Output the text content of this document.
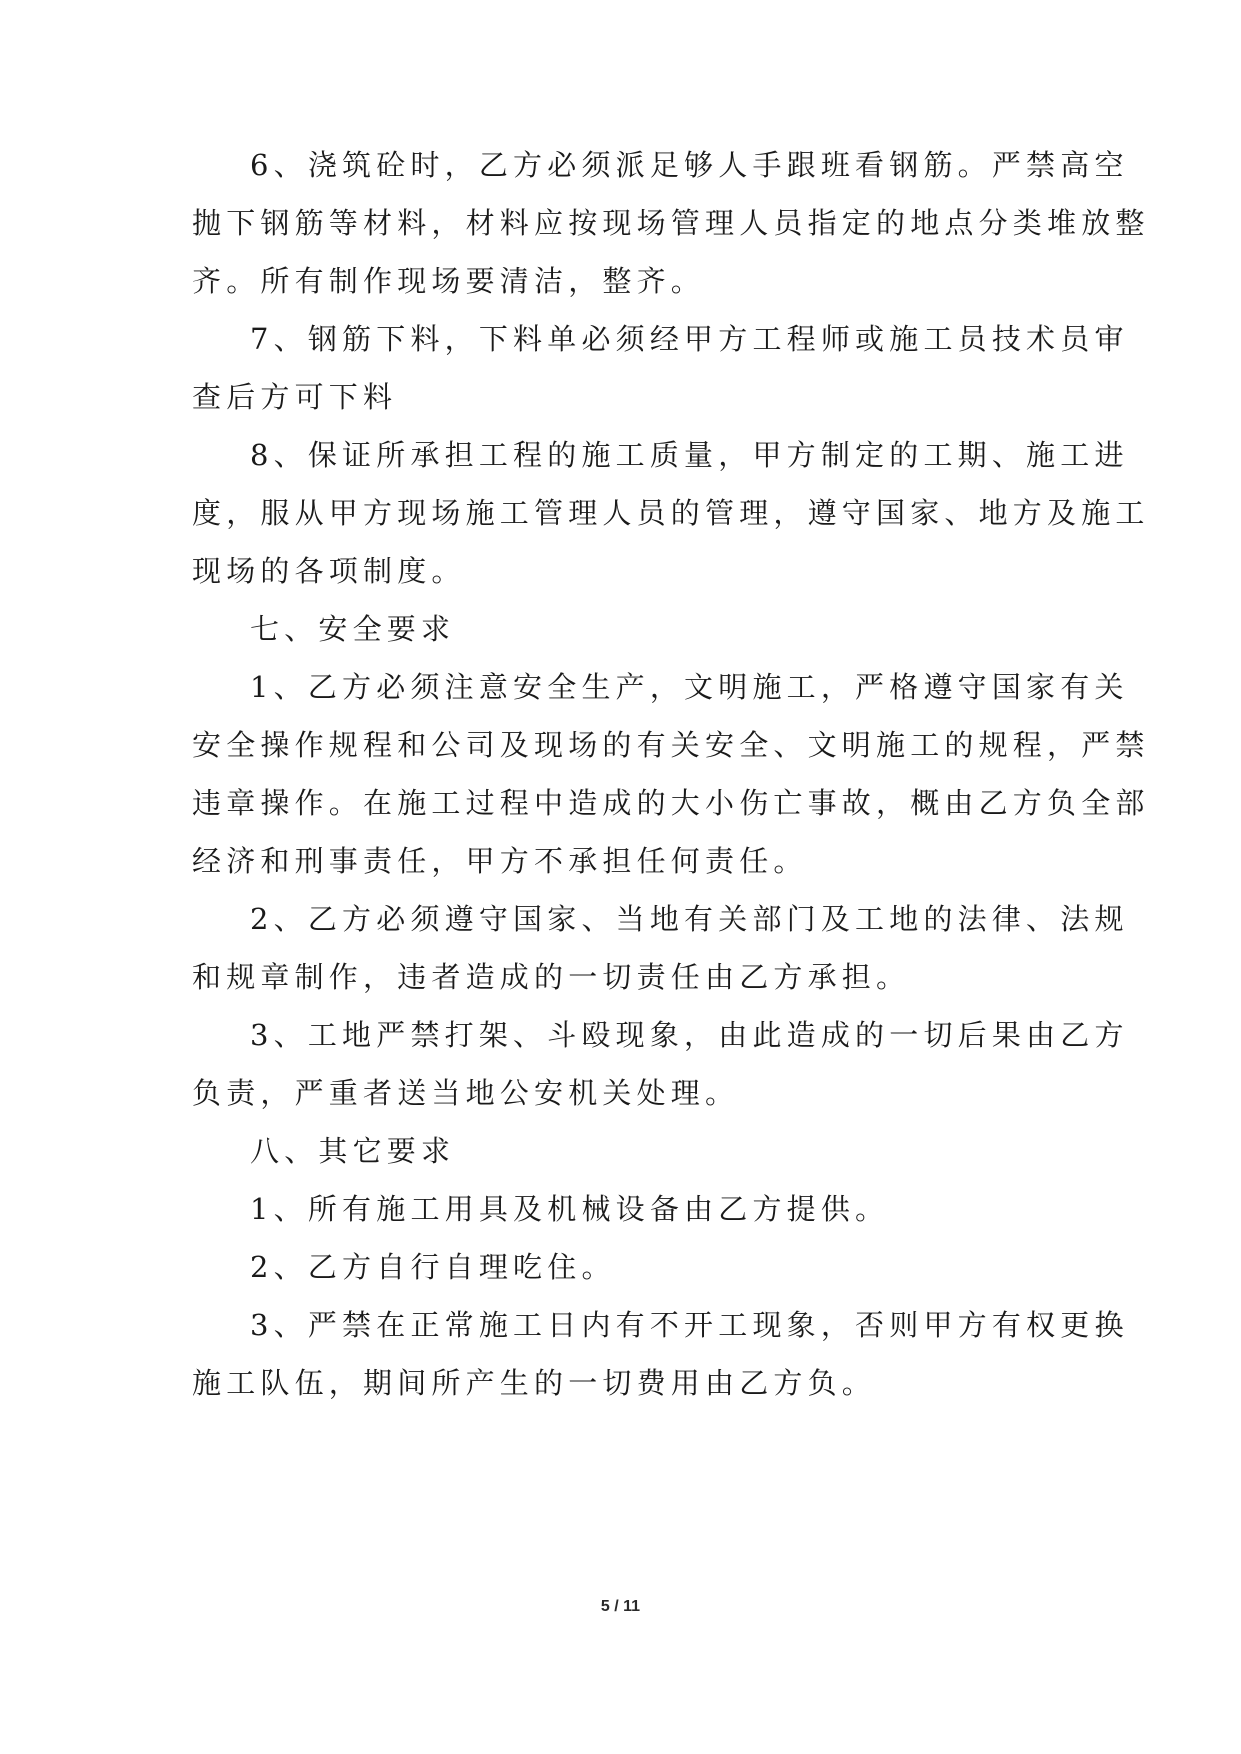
6、浇筑砼时，乙方必须派足够人手跟班看钢筋。严禁高空
抛下钢筋等材料，材料应按现场管理人员指定的地点分类堆放整
齐。所有制作现场要清洁，整齐。
7、钢筋下料，下料单必须经甲方工程师或施工员技术员审
查后方可下料
8、保证所承担工程的施工质量，甲方制定的工期、施工进
度，服从甲方现场施工管理人员的管理，遵守国家、地方及施工
现场的各项制度。
七、安全要求
1、乙方必须注意安全生产，文明施工，严格遵守国家有关
安全操作规程和公司及现场的有关安全、文明施工的规程，严禁
违章操作。在施工过程中造成的大小伤亡事故，概由乙方负全部
经济和刑事责任，甲方不承担任何责任。
2、乙方必须遵守国家、当地有关部门及工地的法律、法规
和规章制作，违者造成的一切责任由乙方承担。
3、工地严禁打架、斗殴现象，由此造成的一切后果由乙方
负责，严重者送当地公安机关处理。
八、其它要求
1、所有施工用具及机械设备由乙方提供。
2、乙方自行自理吃住。
3、严禁在正常施工日内有不开工现象，否则甲方有权更换
施工队伍，期间所产生的一切费用由乙方负。
5 / 11
